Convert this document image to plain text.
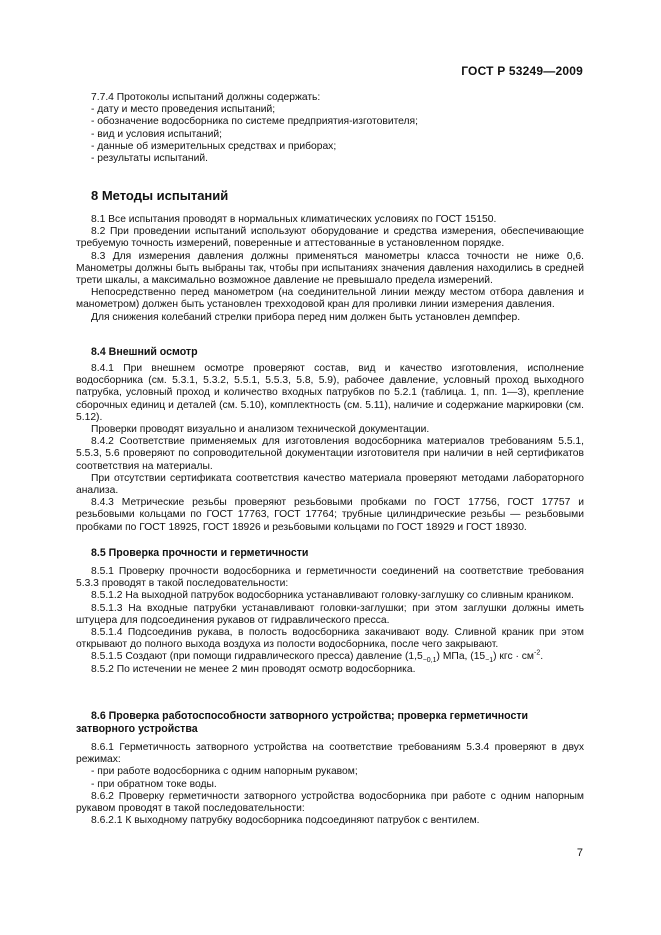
ГОСТ Р 53249—2009

7.7.4 Протоколы испытаний должны содержать:

- дату и место проведения испытаний;

- обозначение водосборника по системе предприятия-изготовителя;

- вид и условия испытаний;

- данные об измерительных средствах и приборах;

- результаты испытаний.

8 Методы испытаний

8.1 Все испытания проводят в нормальных климатических условиях по ГОСТ 15150.

8.2 При проведении испытаний используют оборудование и средства измерения, обеспечивающие требуемую точность измерений, поверенные и аттестованные в установленном порядке.

8.3 Для измерения давления должны применяться манометры класса точности не ниже 0,6. Манометры должны быть выбраны так, чтобы при испытаниях значения давления находились в средней трети шкалы, а максимально возможное давление не превышало предела измерений.

Непосредственно перед манометром (на соединительной линии между местом отбора давления и манометром) должен быть установлен трехходовой кран для проливки линии измерения давления.

Для снижения колебаний стрелки прибора перед ним должен быть установлен демпфер.

8.4 Внешний осмотр

8.4.1 При внешнем осмотре проверяют состав, вид и качество изготовления, исполнение водосборника (см. 5.3.1, 5.3.2, 5.5.1, 5.5.3, 5.8, 5.9), рабочее давление, условный проход выходного патрубка, условный проход и количество входных патрубков по 5.2.1 (таблица. 1, пп. 1—3), крепление сборочных единиц и деталей (см. 5.10), комплектность (см. 5.11), наличие и содержание маркировки (см. 5.12).

Проверки проводят визуально и анализом технической документации.

8.4.2 Соответствие применяемых для изготовления водосборника материалов требованиям 5.5.1, 5.5.3, 5.6 проверяют по сопроводительной документации изготовителя при наличии в ней сертификатов соответствия на материалы.

При отсутствии сертификата соответствия качество материала проверяют методами лабораторного анализа.

8.4.3 Метрические резьбы проверяют резьбовыми пробками по ГОСТ 17756, ГОСТ 17757 и резьбовыми кольцами по ГОСТ 17763, ГОСТ 17764; трубные цилиндрические резьбы — резьбовыми пробками по ГОСТ 18925, ГОСТ 18926 и резьбовыми кольцами по ГОСТ 18929 и ГОСТ 18930.

8.5 Проверка прочности и герметичности

8.5.1 Проверку прочности водосборника и герметичности соединений на соответствие требования 5.3.3 проводят в такой последовательности:

8.5.1.2 На выходной патрубок водосборника устанавливают головку-заглушку со сливным краником.

8.5.1.3 На входные патрубки устанавливают головки-заглушки; при этом заглушки должны иметь штуцера для подсоединения рукавов от гидравлического пресса.

8.5.1.4 Подсоединив рукава, в полость водосборника закачивают воду. Сливной краник при этом открывают до полного выхода воздуха из полости водосборника, после чего закрывают.

8.5.1.5 Создают (при помощи гидравлического пресса) давление $(1,5_{-0,1})$ МПа, $(15_{-1})$ кгс · $см^{-2}$.

8.5.2 По истечении не менее 2 мин проводят осмотр водосборника.

8.6 Проверка работоспособности затворного устройства; проверка герметичности затворного устройства

8.6.1 Герметичность затворного устройства на соответствие требованиям 5.3.4 проверяют в двух режимах:

- при работе водосборника с одним напорным рукавом;

- при обратном токе воды.

8.6.2 Проверку герметичности затворного устройства водосборника при работе с одним напорным рукавом проводят в такой последовательности:

8.6.2.1 К выходному патрубку водосборника подсоединяют патрубок с вентилем.

7
